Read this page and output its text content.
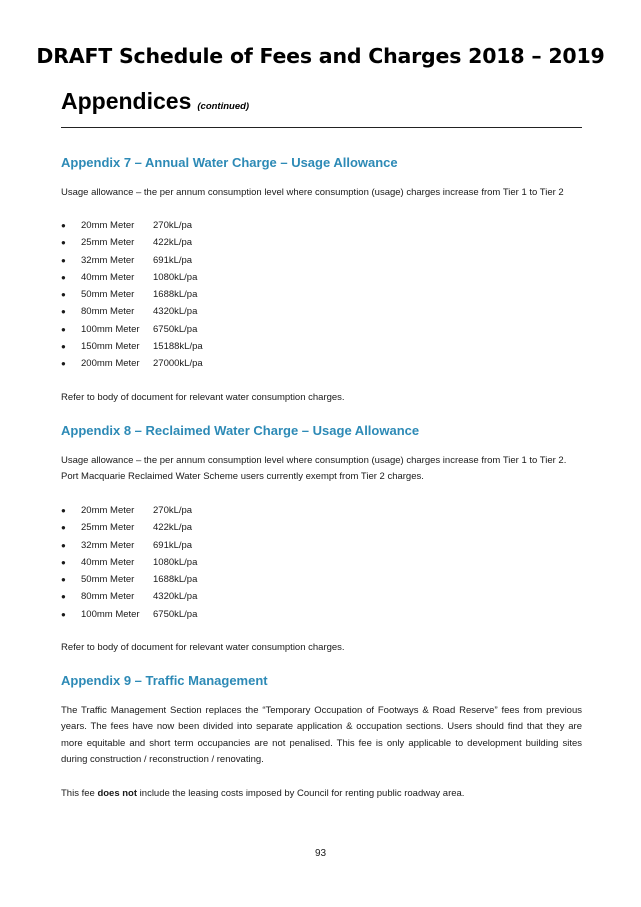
DRAFT Schedule of Fees and Charges 2018 – 2019
Appendices (continued)
Appendix 7 – Annual Water Charge – Usage Allowance
Usage allowance – the per annum consumption level where consumption (usage) charges increase from Tier 1 to Tier 2
● 20mm Meter 270kL/pa
● 25mm Meter 422kL/pa
● 32mm Meter 691kL/pa
● 40mm Meter 1080kL/pa
● 50mm Meter 1688kL/pa
● 80mm Meter 4320kL/pa
● 100mm Meter 6750kL/pa
● 150mm Meter 15188kL/pa
● 200mm Meter 27000kL/pa
Refer to body of document for relevant water consumption charges.
Appendix 8 – Reclaimed Water Charge – Usage Allowance
Usage allowance – the per annum consumption level where consumption (usage) charges increase from Tier 1 to Tier 2.
Port Macquarie Reclaimed Water Scheme users currently exempt from Tier 2 charges.
● 20mm Meter 270kL/pa
● 25mm Meter 422kL/pa
● 32mm Meter 691kL/pa
● 40mm Meter 1080kL/pa
● 50mm Meter 1688kL/pa
● 80mm Meter 4320kL/pa
● 100mm Meter 6750kL/pa
Refer to body of document for relevant water consumption charges.
Appendix 9 – Traffic Management
The Traffic Management Section replaces the “Temporary Occupation of Footways & Road Reserve” fees from previous years. The fees have now been divided into separate application & occupation sections. Users should find that they are more equitable and short term occupancies are not penalised. This fee is only applicable to development building sites during construction / reconstruction / renovating.
This fee does not include the leasing costs imposed by Council for renting public roadway area.
93
